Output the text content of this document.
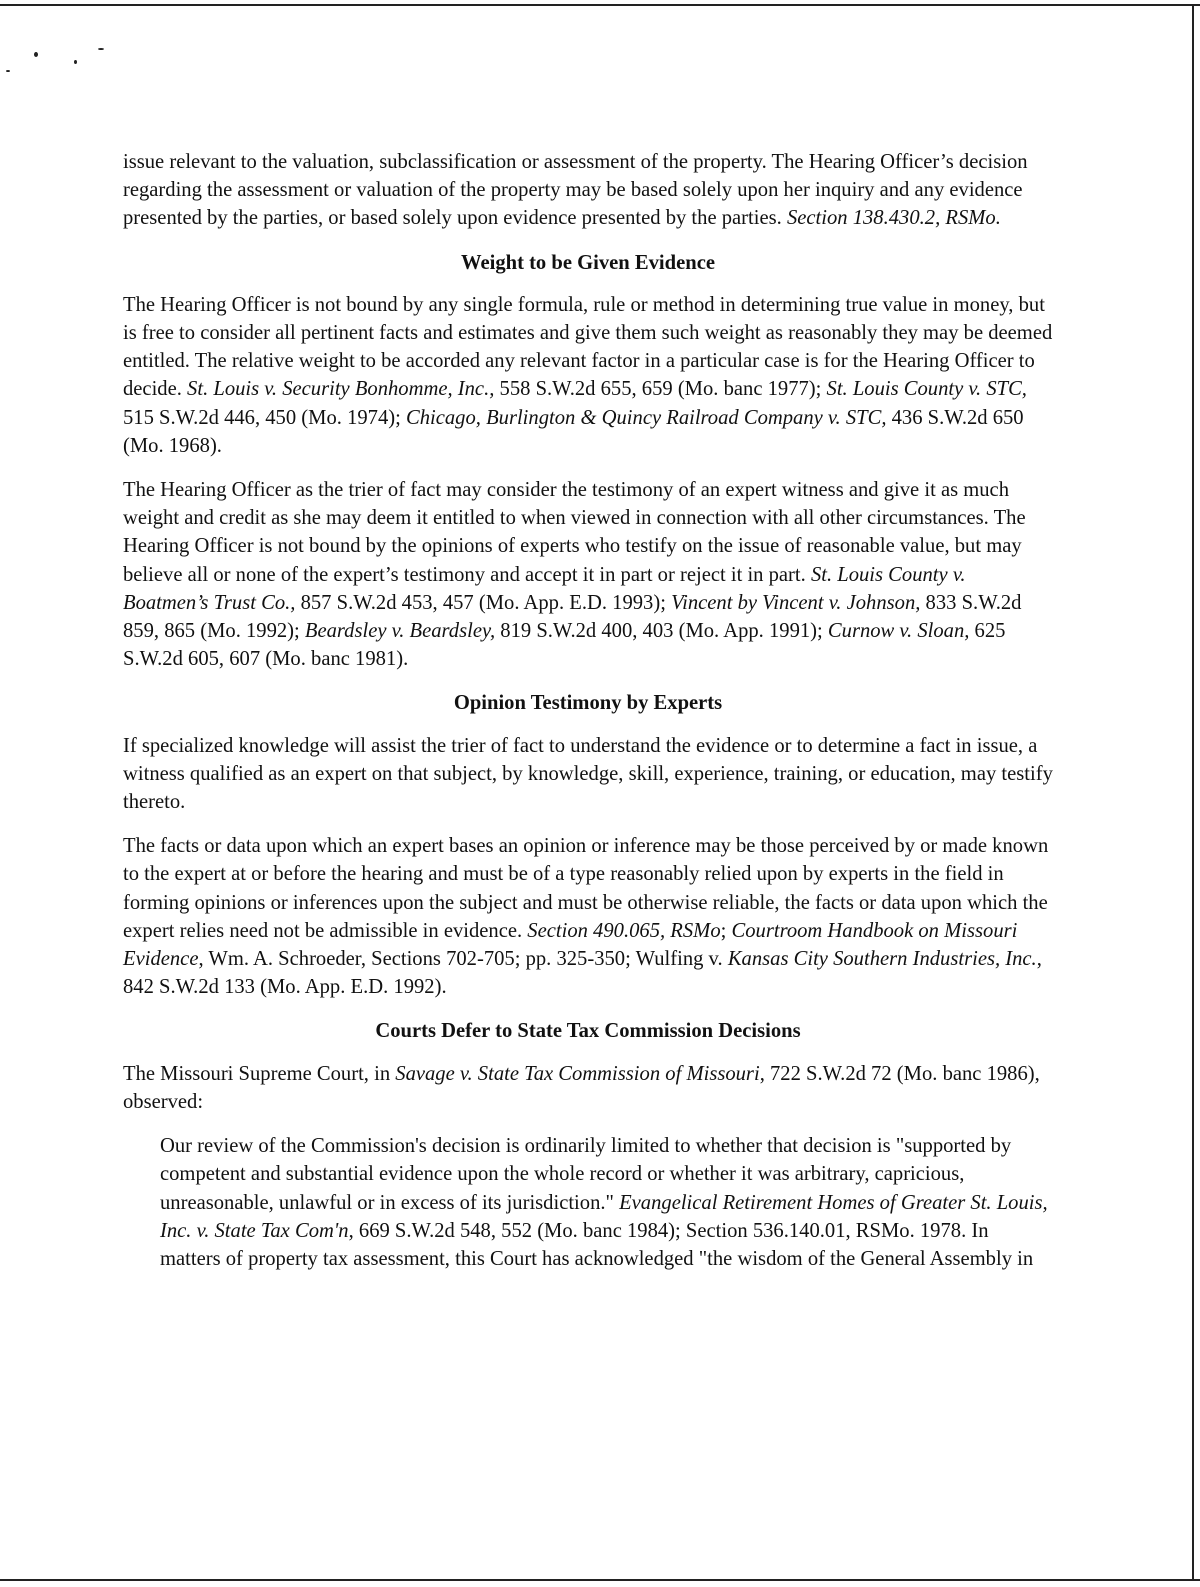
issue relevant to the valuation, subclassification or assessment of the property. The Hearing Officer’s decision regarding the assessment or valuation of the property may be based solely upon her inquiry and any evidence presented by the parties, or based solely upon evidence presented by the parties. Section 138.430.2, RSMo.

Weight to be Given Evidence

The Hearing Officer is not bound by any single formula, rule or method in determining true value in money, but is free to consider all pertinent facts and estimates and give them such weight as reasonably they may be deemed entitled. The relative weight to be accorded any relevant factor in a particular case is for the Hearing Officer to decide. St. Louis v. Security Bonhomme, Inc., 558 S.W.2d 655, 659 (Mo. banc 1977); St. Louis County v. STC, 515 S.W.2d 446, 450 (Mo. 1974); Chicago, Burlington & Quincy Railroad Company v. STC, 436 S.W.2d 650 (Mo. 1968).

The Hearing Officer as the trier of fact may consider the testimony of an expert witness and give it as much weight and credit as she may deem it entitled to when viewed in connection with all other circumstances. The Hearing Officer is not bound by the opinions of experts who testify on the issue of reasonable value, but may believe all or none of the expert’s testimony and accept it in part or reject it in part. St. Louis County v. Boatmen’s Trust Co., 857 S.W.2d 453, 457 (Mo. App. E.D. 1993); Vincent by Vincent v. Johnson, 833 S.W.2d 859, 865 (Mo. 1992); Beardsley v. Beardsley, 819 S.W.2d 400, 403 (Mo. App. 1991); Curnow v. Sloan, 625 S.W.2d 605, 607 (Mo. banc 1981).

Opinion Testimony by Experts

If specialized knowledge will assist the trier of fact to understand the evidence or to determine a fact in issue, a witness qualified as an expert on that subject, by knowledge, skill, experience, training, or education, may testify thereto.

The facts or data upon which an expert bases an opinion or inference may be those perceived by or made known to the expert at or before the hearing and must be of a type reasonably relied upon by experts in the field in forming opinions or inferences upon the subject and must be otherwise reliable, the facts or data upon which the expert relies need not be admissible in evidence. Section 490.065, RSMo; Courtroom Handbook on Missouri Evidence, Wm. A. Schroeder, Sections 702-705; pp. 325-350; Wulfing v. Kansas City Southern Industries, Inc., 842 S.W.2d 133 (Mo. App. E.D. 1992).

Courts Defer to State Tax Commission Decisions

The Missouri Supreme Court, in Savage v. State Tax Commission of Missouri, 722 S.W.2d 72 (Mo. banc 1986), observed:

Our review of the Commission's decision is ordinarily limited to whether that decision is "supported by competent and substantial evidence upon the whole record or whether it was arbitrary, capricious, unreasonable, unlawful or in excess of its jurisdiction." Evangelical Retirement Homes of Greater St. Louis, Inc. v. State Tax Com'n, 669 S.W.2d 548, 552 (Mo. banc 1984); Section 536.140.01, RSMo. 1978. In matters of property tax assessment, this Court has acknowledged "the wisdom of the General Assembly in
